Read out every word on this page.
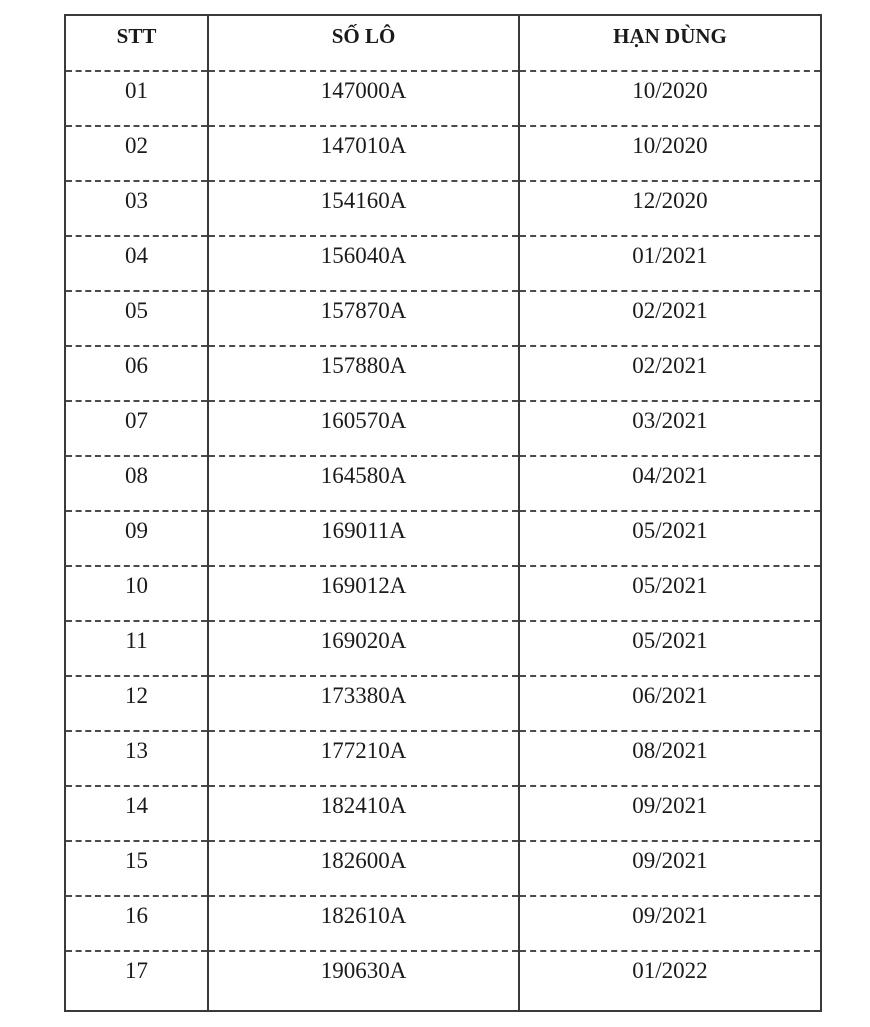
STT	SỐ LÔ	HẠN DÙNG
01	147000A	10/2020
02	147010A	10/2020
03	154160A	12/2020
04	156040A	01/2021
05	157870A	02/2021
06	157880A	02/2021
07	160570A	03/2021
08	164580A	04/2021
09	169011A	05/2021
10	169012A	05/2021
11	169020A	05/2021
12	173380A	06/2021
13	177210A	08/2021
14	182410A	09/2021
15	182600A	09/2021
16	182610A	09/2021
17	190630A	01/2022
